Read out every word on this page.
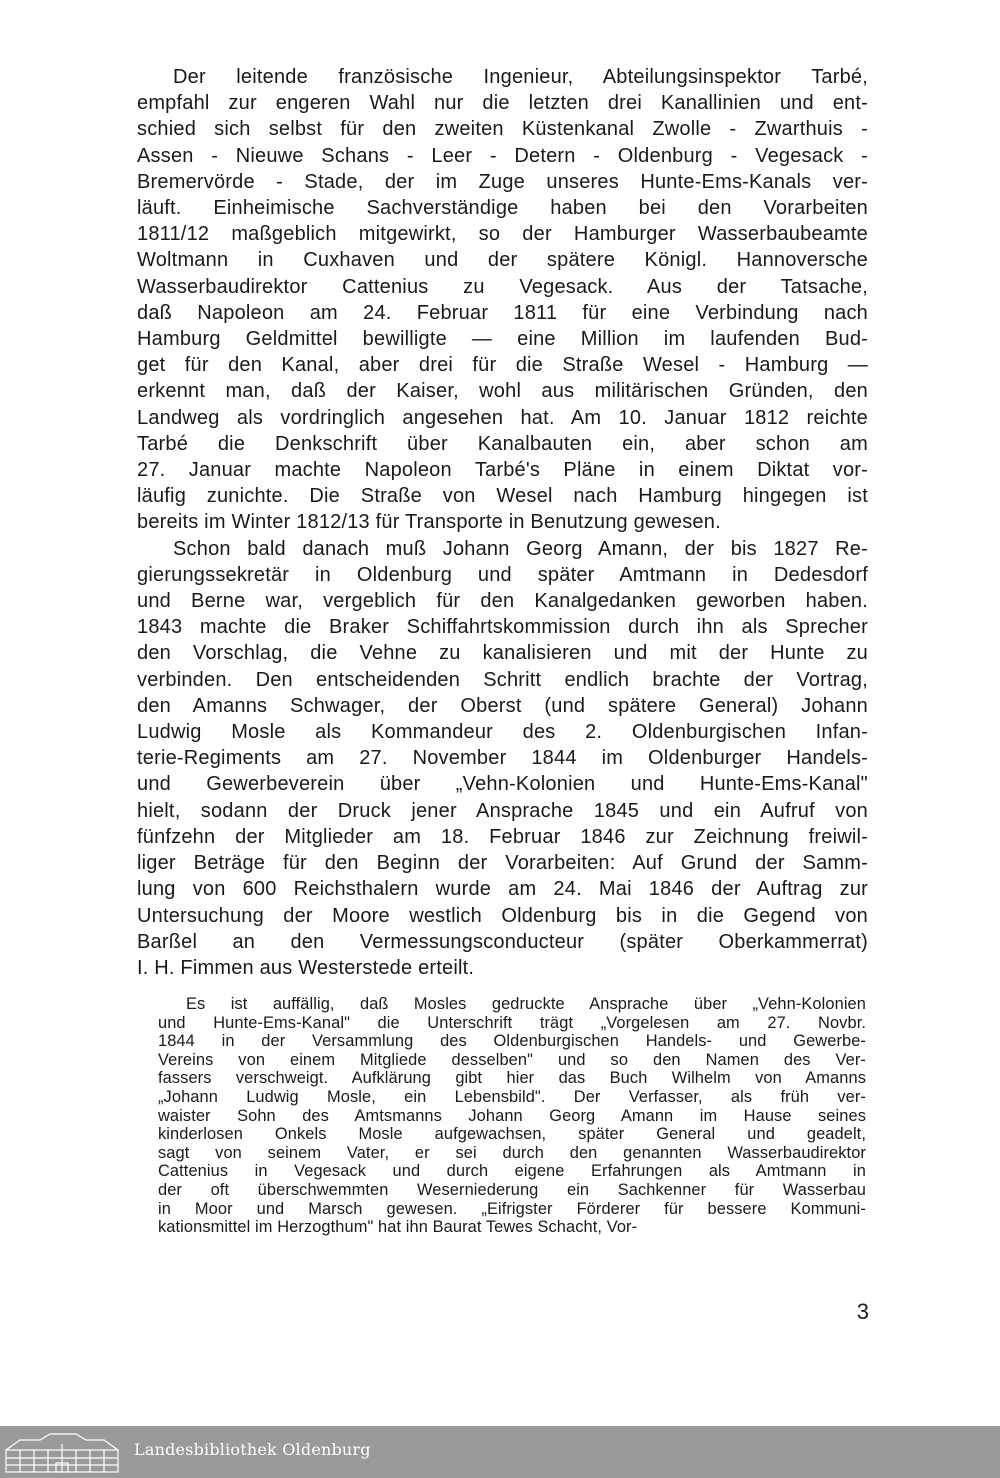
Der leitende französische Ingenieur, Abteilungsinspektor Tarbé,
empfahl zur engeren Wahl nur die letzten drei Kanallinien und ent-
schied sich selbst für den zweiten Küstenkanal Zwolle - Zwarthuis -
Assen - Nieuwe Schans - Leer - Detern - Oldenburg - Vegesack -
Bremervörde - Stade, der im Zuge unseres Hunte-Ems-Kanals ver-
läuft. Einheimische Sachverständige haben bei den Vorarbeiten
1811/12 maßgeblich mitgewirkt, so der Hamburger Wasserbaubeamte
Woltmann in Cuxhaven und der spätere Königl. Hannoversche
Wasserbaudirektor Cattenius zu Vegesack. Aus der Tatsache,
daß Napoleon am 24. Februar 1811 für eine Verbindung nach
Hamburg Geldmittel bewilligte — eine Million im laufenden Bud-
get für den Kanal, aber drei für die Straße Wesel - Hamburg —
erkennt man, daß der Kaiser, wohl aus militärischen Gründen, den
Landweg als vordringlich angesehen hat. Am 10. Januar 1812 reichte
Tarbé die Denkschrift über Kanalbauten ein, aber schon am
27. Januar machte Napoleon Tarbé's Pläne in einem Diktat vor-
läufig zunichte. Die Straße von Wesel nach Hamburg hingegen ist
bereits im Winter 1812/13 für Transporte in Benutzung gewesen.
Schon bald danach muß Johann Georg Amann, der bis 1827 Re-
gierungssekretär in Oldenburg und später Amtmann in Dedesdorf
und Berne war, vergeblich für den Kanalgedanken geworben haben.
1843 machte die Braker Schiffahrtskommission durch ihn als Sprecher
den Vorschlag, die Vehne zu kanalisieren und mit der Hunte zu
verbinden. Den entscheidenden Schritt endlich brachte der Vortrag,
den Amanns Schwager, der Oberst (und spätere General) Johann
Ludwig Mosle als Kommandeur des 2. Oldenburgischen Infan-
terie-Regiments am 27. November 1844 im Oldenburger Handels-
und Gewerbeverein über „Vehn-Kolonien und Hunte-Ems-Kanal"
hielt, sodann der Druck jener Ansprache 1845 und ein Aufruf von
fünfzehn der Mitglieder am 18. Februar 1846 zur Zeichnung freiwil-
liger Beträge für den Beginn der Vorarbeiten: Auf Grund der Samm-
lung von 600 Reichsthalern wurde am 24. Mai 1846 der Auftrag zur
Untersuchung der Moore westlich Oldenburg bis in die Gegend von
Barßel an den Vermessungsconducteur (später Oberkammerrat)
I. H. Fimmen aus Westerstede erteilt.
Es ist auffällig, daß Mosles gedruckte Ansprache über „Vehn-Kolonien
und Hunte-Ems-Kanal" die Unterschrift trägt „Vorgelesen am 27. Novbr.
1844 in der Versammlung des Oldenburgischen Handels- und Gewerbe-
Vereins von einem Mitgliede desselben" und so den Namen des Ver-
fassers verschweigt. Aufklärung gibt hier das Buch Wilhelm von Amanns
„Johann Ludwig Mosle, ein Lebensbild". Der Verfasser, als früh ver-
waister Sohn des Amtsmanns Johann Georg Amann im Hause seines
kinderlosen Onkels Mosle aufgewachsen, später General und geadelt,
sagt von seinem Vater, er sei durch den genannten Wasserbaudirektor
Cattenius in Vegesack und durch eigene Erfahrungen als Amtmann in
der oft überschwemmten Weserniederung ein Sachkenner für Wasserbau
in Moor und Marsch gewesen. „Eifrigster Förderer für bessere Kommuni-
kationsmittel im Herzogthum" hat ihn Baurat Tewes Schacht, Vor-
3
Landesbibliothek Oldenburg
